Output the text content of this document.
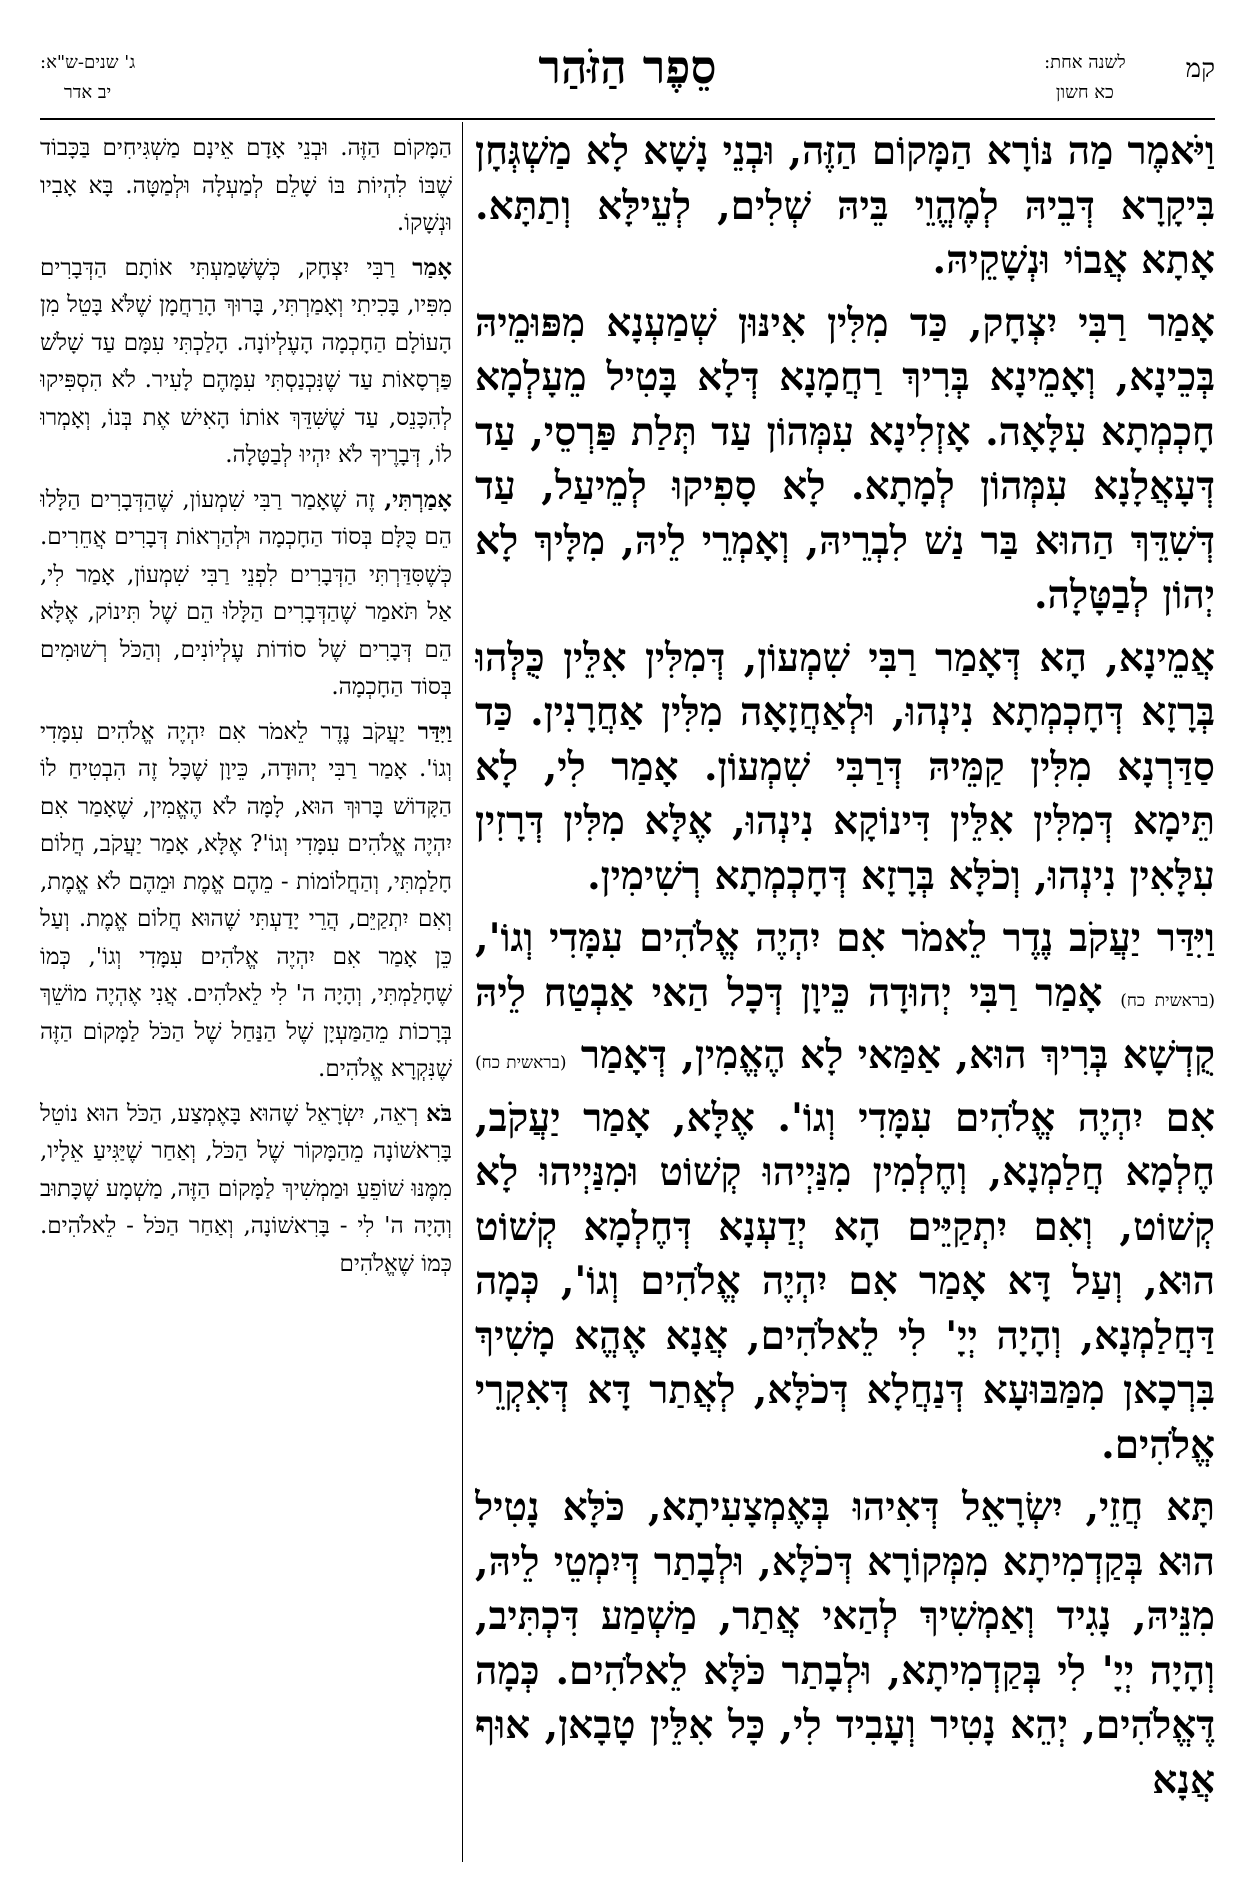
קמ
לשנה אחת:
כא חשון
סֵפֶר הַזֹּהַר
ג' שנים-ש"א:
יב אדר

וַיֹּאמֶר מַה נּוֹרָא הַמָּקוֹם הַזֶּה, וּבְנֵי נָשָׁא לָא מַשְׁגְּחָן בִּיקָרָא דְּבֵיהּ לְמֶהֱוֵי בֵּיהּ שְׁלִים, לְעֵילָּא וְתַתָּא. אָתָא אֲבוֹי וּנְשָׁקֵיהּ.

אָמַר רַבִּי יִצְחָק, כַּד מִלִּין אִינּוּן שְׁמַעְנָא מִפּוּמֵיהּ בְּכֵינָא, וְאָמֵינָא בְּרִיךְ רַחֲמָנָא דְּלָא בָּטִיל מֵעָלְמָא חָכְמְתָא עִלָּאָה. אָזְלִינָא עִמְּהוֹן עַד תְּלַת פַּרְסֵי, עַד דְּעָאֲלָנָא עִמְּהוֹן לְמָתָא. לָא סָפִיקוּ לְמֵיעַל, עַד דְּשִׁדֵּךְ הַהוּא בַּר נַשׁ לִבְרֵיהּ, וְאָמְרֵי לֵיהּ, מִלָּיךְ לָא יְהוֹן לְבַטָּלָה.

אֲמֵינָא, הָא דְּאָמַר רַבִּי שִׁמְעוֹן, דְּמִלִּין אִלֵּין כֻּלְּהוּ בְּרָזָא דְּחָכְמְתָא נִינְהוּ, וּלְאַחֲזָאָה מִלִּין אַחֲרָנִין. כַּד סַדַּרְנָא מִלִּין קַמֵּיהּ דְּרַבִּי שִׁמְעוֹן. אָמַר לִי, לָא תֵּימָא דְּמִלִּין אִלֵּין דִּינוֹקָא נִינְהוּ, אֶלָּא מִלִּין דְּרָזִין עִלָּאִין נִינְהוּ, וְכֹלָּא בְּרָזָא דְּחָכְמְתָא רְשִׁימִין.

וַיִּדַּר יַעֲקֹב נֶדֶר לֵאמֹר אִם יִהְיֶה אֱלֹהִים עִמָּדִי וְגוֹ', (בראשית כח) אָמַר רַבִּי יְהוּדָה כֵּיוָן דְּכָל הַאי אַבְטַח לֵיהּ קֻדְשָׁא בְּרִיךְ הוּא, אַמַּאי לָא הֶאֱמִין, דְּאָמַר (בראשית כח) אִם יִהְיֶה אֱלֹהִים עִמָּדִי וְגוֹ'. אֶלָּא, אָמַר יַעֲקֹב, חֶלְמָא חֲלַמְנָא, וְחֶלְמִין מִנַּיְיהוּ קְשׁוֹט וּמִנַּיְיהוּ לָא קְשׁוֹט, וְאִם יִתְקַיֵּים הָא יְדַעְנָא דְּחֶלְמָא קְשׁוֹט הוּא, וְעַל דָּא אָמַר אִם יִהְיֶה אֱלֹהִים וְגוֹ', כְּמָה דַּחֲלַמְנָא, וְהָיָה יְיָ' לִי לֵאלֹהִים, אֲנָא אֶהֱא מָשִׁיךְ בִּרְכָאן מִמַּבּוּעָא דְּנַחֲלָא דְּכֹלָּא, לְאֲתַר דָּא דְּאִקְרֵי אֱלֹהִים.

תָּא חֲזֵי, יִשְׂרָאֵל דְּאִיהוּ בְּאֶמְצָעִיתָא, כֹּלָּא נָטִיל הוּא בְּקַדְמִיתָא מִמְּקוֹרָא דְּכֹלָּא, וּלְבָתַר דְּיִמְטֵי לֵיהּ, מִנֵּיהּ, נָגִיד וְאַמְשִׁיךְ לְהַאי אֲתַר, מַשְׁמַע דִּכְתִּיב, וְהָיָה יְיָ' לִי בְּקַדְמִיתָא, וּלְבָתַר כֹּלָּא לֵאלֹהִים. כְּמָה דֶּאֱלֹהִים, יְהֵא נָטִיר וְעָבִיד לִי, כָּל אִלֵּין טָבָאן, אוּף אֲנָא

הַמָּקוֹם הַזֶּה. וּבְנֵי אָדָם אֵינָם מַשְׁגִּיחִים בַּכָּבוֹד שֶׁבּוֹ לִהְיוֹת בּוֹ שָׁלֵם לְמַעְלָה וּלְמַטָּה. בָּא אָבִיו וּנְשָׁקוֹ.

אָמַר רַבִּי יִצְחָק, כְּשֶׁשָּׁמַעְתִּי אוֹתָם הַדְּבָרִים מִפִּיו, בָּכִיתִי וְאָמַרְתִּי, בָּרוּךְ הָרַחֲמָן שֶׁלֹּא בָּטֵל מִן הָעוֹלָם הַחָכְמָה הָעֶלְיוֹנָה. הָלַכְתִּי עִמָּם עַד שָׁלֹשׁ פַּרְסָאוֹת עַד שֶׁנִּכְנַסְתִּי עִמָּהֶם לָעִיר. לֹא הִסְפִּיקוּ לְהִכָּנֵס, עַד שֶׁשִּׁדֵּךְ אוֹתוֹ הָאִישׁ אֶת בְּנוֹ, וְאָמְרוּ לוֹ, דְּבָרֶיךָ לֹא יִהְיוּ לְבַטָּלָה.

אָמַרְתִּי, זֶה שֶׁאָמַר רַבִּי שִׁמְעוֹן, שֶׁהַדְּבָרִים הַלָּלוּ הֵם כֻּלָּם בְּסוֹד הַחָכְמָה וּלְהַרְאוֹת דְּבָרִים אֲחֵרִים. כְּשֶׁסִּדַּרְתִּי הַדְּבָרִים לִפְנֵי רַבִּי שִׁמְעוֹן, אָמַר לִי, אַל תֹּאמַר שֶׁהַדְּבָרִים הַלָּלוּ הֵם שֶׁל תִּינוֹק, אֶלָּא הֵם דְּבָרִים שֶׁל סוֹדוֹת עֶלְיוֹנִים, וְהַכֹּל רְשׁוּמִים בְּסוֹד הַחָכְמָה.

וַיִּדַּר יַעֲקֹב נֶדֶר לֵאמֹר אִם יִהְיֶה אֱלֹהִים עִמָּדִי וְגוֹ'. אָמַר רַבִּי יְהוּדָה, כֵּיוָן שֶׁכָּל זֶה הִבְטִיחַ לוֹ הַקָּדוֹשׁ בָּרוּךְ הוּא, לָמָּה לֹא הֶאֱמִין, שֶׁאָמַר אִם יִהְיֶה אֱלֹהִים עִמָּדִי וְגוֹ'? אֶלָּא, אָמַר יַעֲקֹב, חֲלוֹם חָלַמְתִּי, וְהַחֲלוֹמוֹת - מֵהֶם אֱמֶת וּמֵהֶם לֹא אֱמֶת, וְאִם יִתְקַיֵּם, הֲרֵי יָדַעְתִּי שֶׁהוּא חֲלוֹם אֱמֶת. וְעַל כֵּן אָמַר אִם יִהְיֶה אֱלֹהִים עִמָּדִי וְגוֹ', כְּמוֹ שֶׁחָלַמְתִּי, וְהָיָה ה' לִי לֵאלֹהִים. אֲנִי אֶהְיֶה מוֹשֵׁךְ בְּרָכוֹת מֵהַמַּעְיָן שֶׁל הַנַּחַל שֶׁל הַכֹּל לַמָּקוֹם הַזֶּה שֶׁנִּקְרָא אֱלֹהִים.

בֹּא רְאֵה, יִשְׂרָאֵל שֶׁהוּא בָּאֶמְצַע, הַכֹּל הוּא נוֹטֵל בָּרִאשׁוֹנָה מֵהַמָּקוֹר שֶׁל הַכֹּל, וְאַחַר שֶׁיַּגִּיעַ אֵלָיו, מִמֶּנּוּ שׁוֹפֵעַ וּמַמְשִׁיךְ לַמָּקוֹם הַזֶּה, מַשְׁמָע שֶׁכָּתוּב וְהָיָה ה' לִי - בָּרִאשׁוֹנָה, וְאַחַר הַכֹּל - לֵאלֹהִים. כְּמוֹ שֶׁאֱלֹהִים
